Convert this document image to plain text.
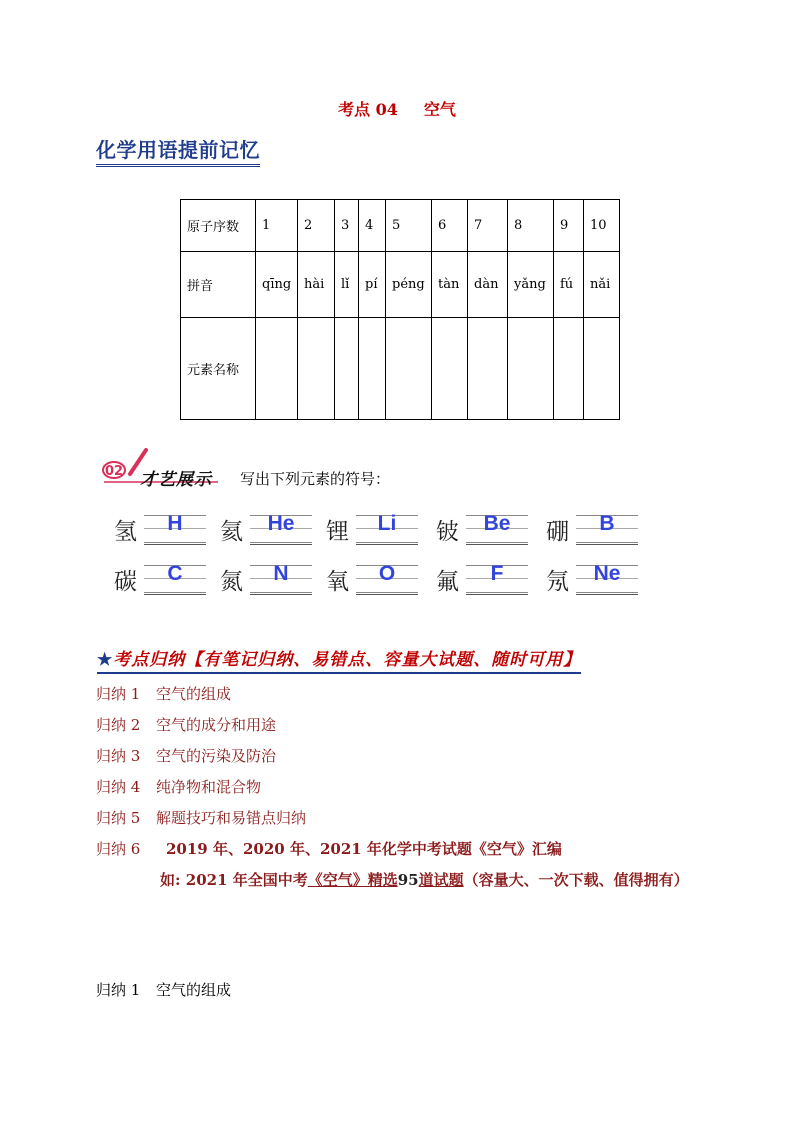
考点 04 空气
化学用语提前记忆
原子序数	1	2	3	4	5	6	7	8	9	10
拼音	qīng	hài	lǐ	pí	péng	tàn	dàn	yǎng	fú	nǎi
元素名称										
02 才艺展示 写出下列元素的符号：
氢	H	氦	He	锂	Li	铍	Be	硼	B
碳	C	氮	N	氧	O	氟	F	氖	Ne
★考点归纳【有笔记归纳、易错点、容量大试题、随时可用】
归纳 1 空气的组成
归纳 2 空气的成分和用途
归纳 3 空气的污染及防治
归纳 4 纯净物和混合物
归纳 5 解题技巧和易错点归纳
归纳 6 2019 年、2020 年、2021 年化学中考试题《空气》汇编
如: 2021 年全国中考《空气》精选95道试题（容量大、一次下载、值得拥有）
归纳 1 空气的组成
